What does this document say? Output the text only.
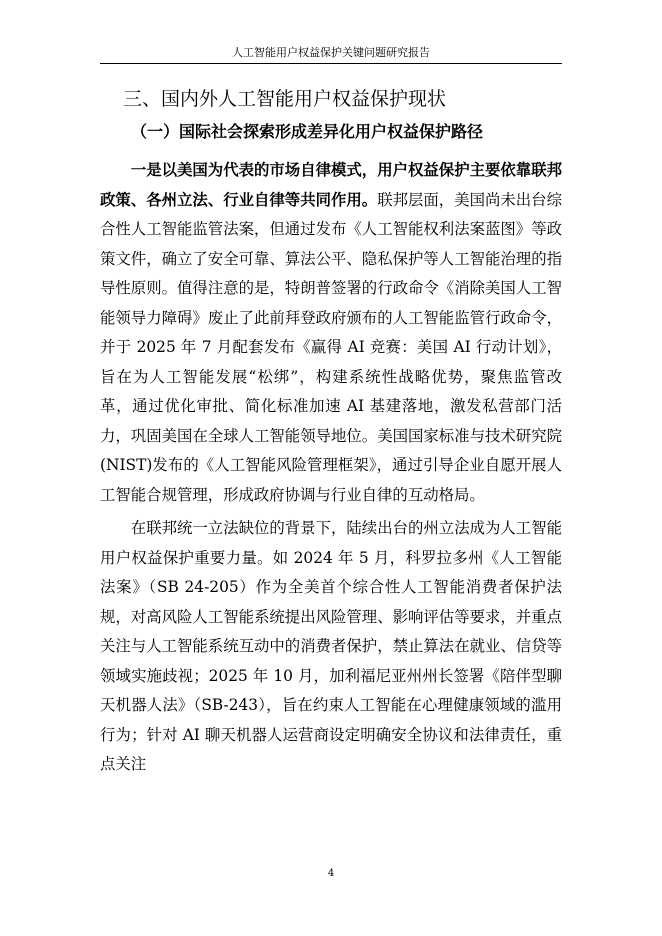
人工智能用户权益保护关键问题研究报告
三、国内外人工智能用户权益保护现状
（一）国际社会探索形成差异化用户权益保护路径

一是以美国为代表的市场自律模式，用户权益保护主要依靠联邦政策、各州立法、行业自律等共同作用。联邦层面，美国尚未出台综合性人工智能监管法案，但通过发布《人工智能权利法案蓝图》等政策文件，确立了安全可靠、算法公平、隐私保护等人工智能治理的指导性原则。值得注意的是，特朗普签署的行政命令《消除美国人工智能领导力障碍》废止了此前拜登政府颁布的人工智能监管行政命令，并于 2025 年 7 月配套发布《赢得 AI 竞赛：美国 AI 行动计划》，旨在为人工智能发展“松绑”，构建系统性战略优势，聚焦监管改革，通过优化审批、简化标准加速 AI 基建落地，激发私营部门活力，巩固美国在全球人工智能领导地位。美国国家标准与技术研究院(NIST)发布的《人工智能风险管理框架》，通过引导企业自愿开展人工智能合规管理，形成政府协调与行业自律的互动格局。

在联邦统一立法缺位的背景下，陆续出台的州立法成为人工智能用户权益保护重要力量。如 2024 年 5 月，科罗拉多州《人工智能法案》（SB 24-205）作为全美首个综合性人工智能消费者保护法规，对高风险人工智能系统提出风险管理、影响评估等要求，并重点关注与人工智能系统互动中的消费者保护，禁止算法在就业、信贷等领域实施歧视；2025 年 10 月，加利福尼亚州州长签署《陪伴型聊天机器人法》（SB-243），旨在约束人工智能在心理健康领域的滥用行为；针对 AI 聊天机器人运营商设定明确安全协议和法律责任，重点关注

4
